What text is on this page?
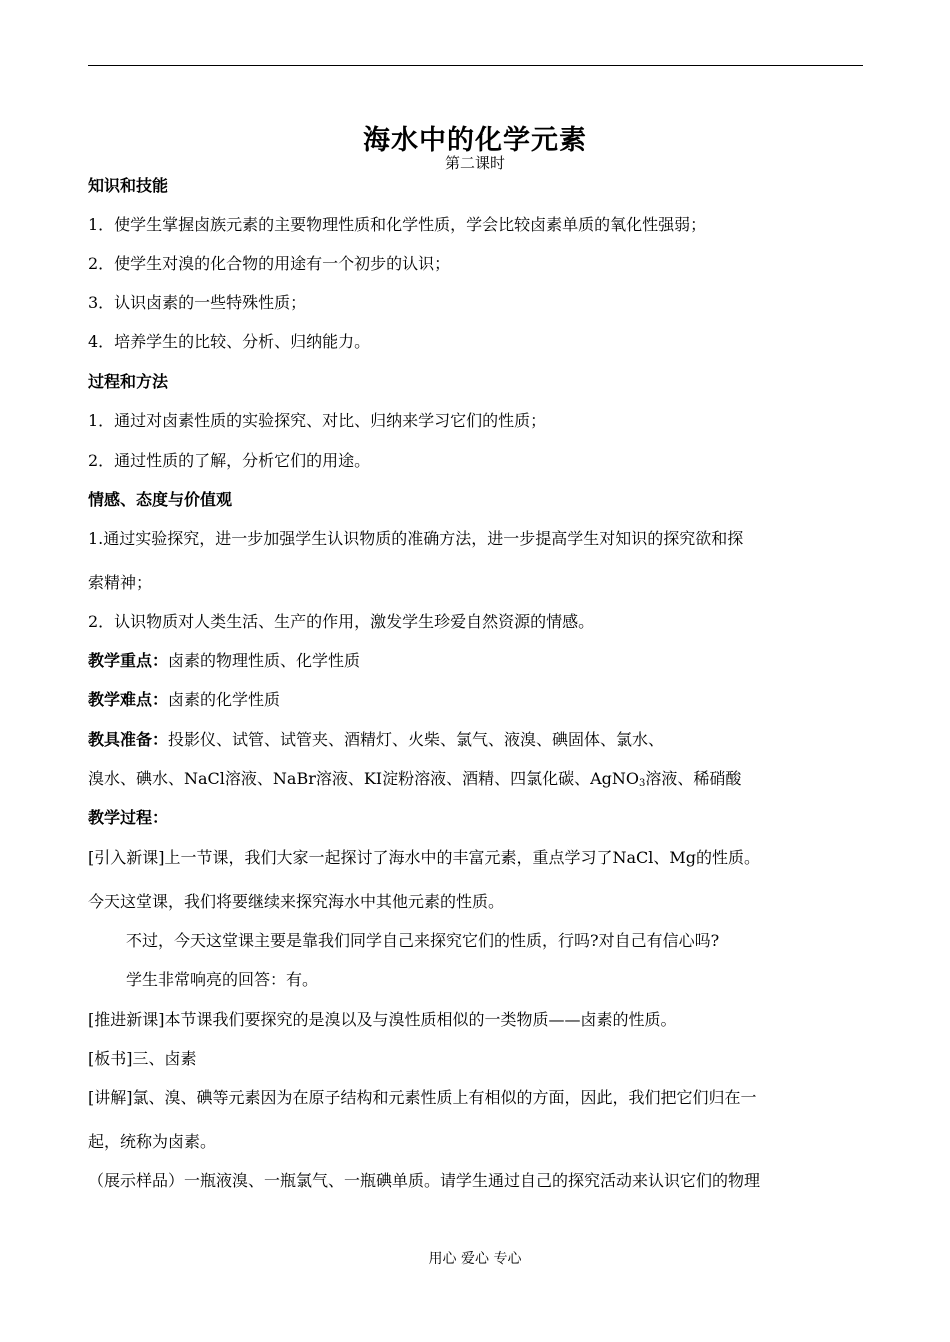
海水中的化学元素
第二课时
知识和技能
1．使学生掌握卤族元素的主要物理性质和化学性质，学会比较卤素单质的氧化性强弱；
2．使学生对溴的化合物的用途有一个初步的认识；
3．认识卤素的一些特殊性质；
4．培养学生的比较、分析、归纳能力。
过程和方法
1．通过对卤素性质的实验探究、对比、归纳来学习它们的性质；
2．通过性质的了解，分析它们的用途。
情感、态度与价值观
1.通过实验探究，进一步加强学生认识物质的准确方法，进一步提高学生对知识的探究欲和探
索精神；
2．认识物质对人类生活、生产的作用，激发学生珍爱自然资源的情感。
教学重点：卤素的物理性质、化学性质
教学难点：卤素的化学性质
教具准备：投影仪、试管、试管夹、酒精灯、火柴、氯气、液溴、碘固体、氯水、
溴水、碘水、NaCl溶液、NaBr溶液、KI淀粉溶液、酒精、四氯化碳、AgNO$_3$溶液、稀硝酸
教学过程：
[引入新课]上一节课，我们大家一起探讨了海水中的丰富元素，重点学习了NaCl、Mg的性质。
今天这堂课，我们将要继续来探究海水中其他元素的性质。
不过，今天这堂课主要是靠我们同学自己来探究它们的性质，行吗?对自己有信心吗?
学生非常响亮的回答：有。
[推进新课]本节课我们要探究的是溴以及与溴性质相似的一类物质——卤素的性质。
[板书]三、卤素
[讲解]氯、溴、碘等元素因为在原子结构和元素性质上有相似的方面，因此，我们把它们归在一
起，统称为卤素。
（展示样品）一瓶液溴、一瓶氯气、一瓶碘单质。请学生通过自己的探究活动来认识它们的物理
用心 爱心 专心
